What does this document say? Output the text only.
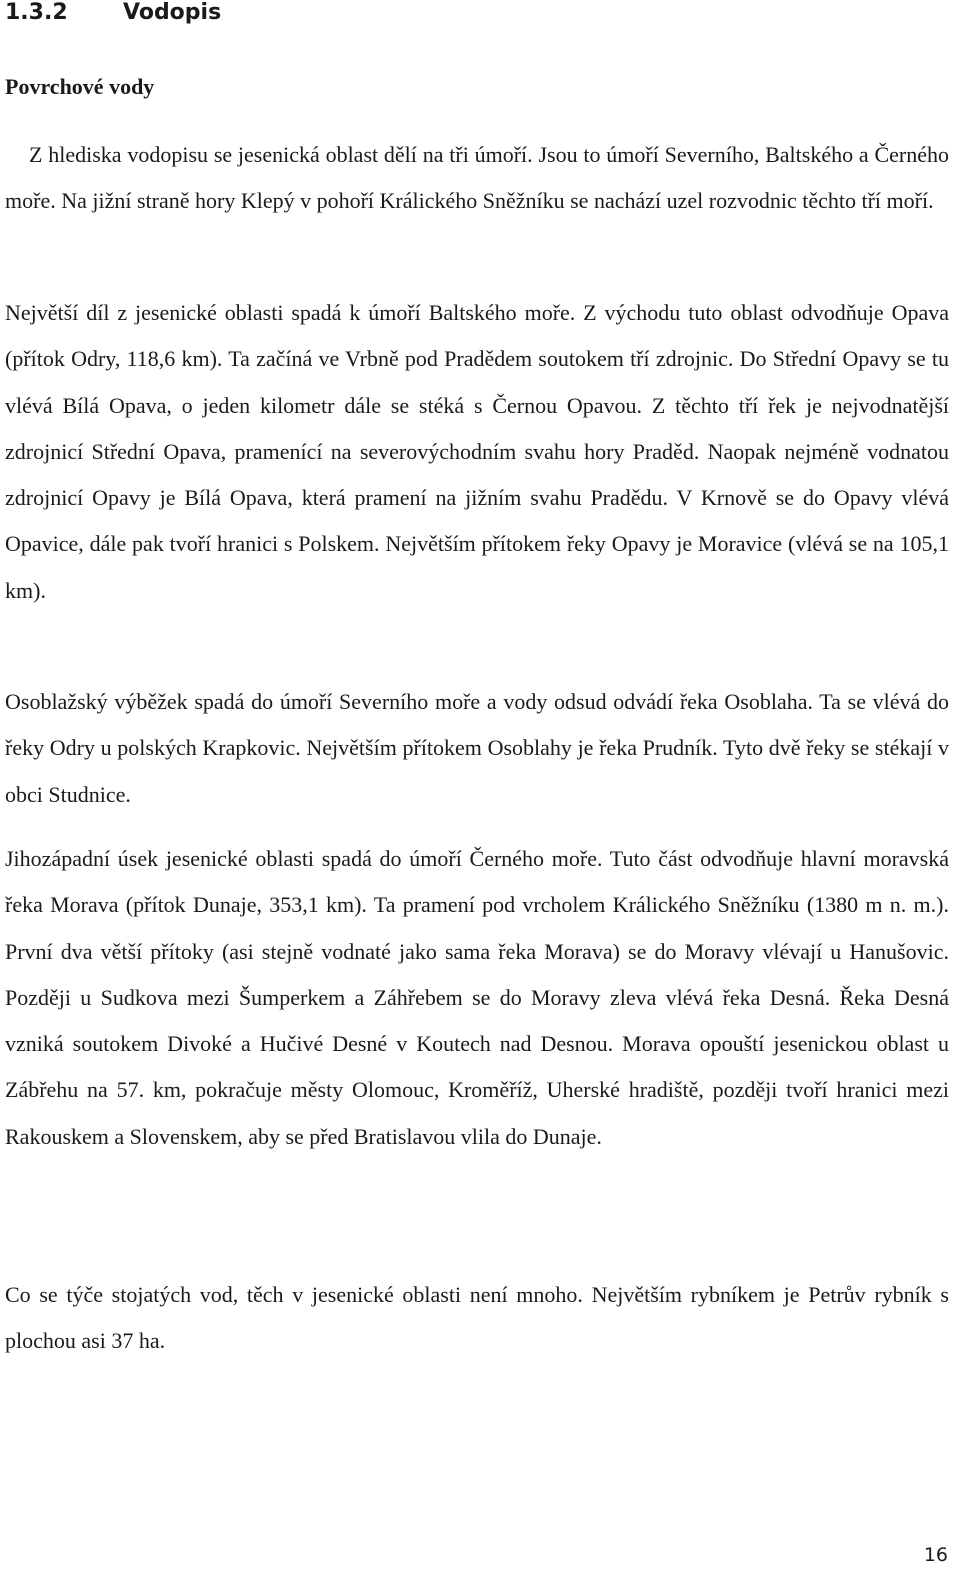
1.3.2	Vodopis
Povrchové vody

Z hlediska vodopisu se jesenická oblast dělí na tři úmoří. Jsou to úmoří Severního, Baltského a Černého moře. Na jižní straně hory Klepý v pohoří Králického Sněžníku se nachází uzel rozvodnic těchto tří moří.

Největší díl z jesenické oblasti spadá k úmoří Baltského moře. Z východu tuto oblast odvodňuje Opava (přítok Odry, 118,6 km). Ta začíná ve Vrbně pod Pradědem soutokem tří zdrojnic. Do Střední Opavy se tu vlévá Bílá Opava, o jeden kilometr dále se stéká s Černou Opavou. Z těchto tří řek je nejvodnatější zdrojnicí Střední Opava, pramenící na severovýchodním svahu hory Praděd. Naopak nejméně vodnatou zdrojnicí Opavy je Bílá Opava, která pramení na jižním svahu Pradědu. V Krnově se do Opavy vlévá Opavice, dále pak tvoří hranici s Polskem. Největším přítokem řeky Opavy je Moravice (vlévá se na 105,1 km).

Osoblažský výběžek spadá do úmoří Severního moře a vody odsud odvádí řeka Osoblaha. Ta se vlévá do řeky Odry u polských Krapkovic. Největším přítokem Osoblahy je řeka Prudník. Tyto dvě řeky se stékají v obci Studnice.

Jihozápadní úsek jesenické oblasti spadá do úmoří Černého moře. Tuto část odvodňuje hlavní moravská řeka Morava (přítok Dunaje, 353,1 km). Ta pramení pod vrcholem Králického Sněžníku (1380 m n. m.). První dva větší přítoky (asi stejně vodnaté jako sama řeka Morava) se do Moravy vlévají u Hanušovic. Později u Sudkova mezi Šumperkem a Záhřebem se do Moravy zleva vlévá řeka Desná. Řeka Desná vzniká soutokem Divoké a Hučivé Desné v Koutech nad Desnou. Morava opouští jesenickou oblast u Zábřehu na 57. km, pokračuje městy Olomouc, Kroměříž, Uherské hradiště, později tvoří hranici mezi Rakouskem a Slovenskem, aby se před Bratislavou vlila do Dunaje.

Co se týče stojatých vod, těch v jesenické oblasti není mnoho. Největším rybníkem je Petrův rybník s plochou asi 37 ha.

16
